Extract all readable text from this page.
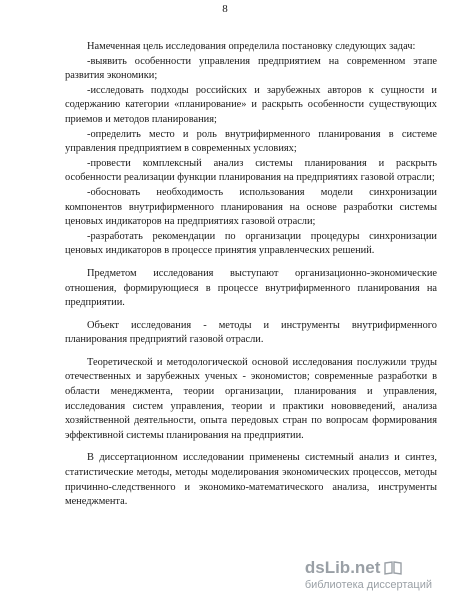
8

Намеченная цель исследования определила постановку следующих задач:

-выявить особенности управления предприятием на современном этапе развития экономики;

-исследовать подходы российских и зарубежных авторов к сущности и содержанию категории «планирование» и раскрыть особенности существующих приемов и методов планирования;

-определить место и роль внутрифирменного планирования в системе управления предприятием в современных условиях;

-провести комплексный анализ системы планирования и раскрыть особенности реализации функции планирования на предприятиях газовой отрасли;

-обосновать необходимость использования модели синхронизации компонентов внутрифирменного планирования на основе разработки системы ценовых индикаторов на предприятиях газовой отрасли;

-разработать рекомендации по организации процедуры синхронизации ценовых индикаторов в процессе принятия управленческих решений.

Предметом исследования выступают организационно-экономические отношения, формирующиеся в процессе внутрифирменного планирования на предприятии.

Объект исследования - методы и инструменты внутрифирменного планирования предприятий газовой отрасли.

Теоретической и методологической основой исследования послужили труды отечественных и зарубежных ученых - экономистов; современные разработки в области менеджмента, теории организации, планирования и управления, исследования систем управления, теории и практики нововведений, анализа хозяйственной деятельности, опыта передовых стран по вопросам формирования эффективной системы планирования на предприятии.

В диссертационном исследовании применены системный анализ и синтез, статистические методы, методы моделирования экономических процессов, методы причинно-следственного и экономико-математического анализа, инструменты менеджмента.

dsLib.net
библиотека диссертаций
